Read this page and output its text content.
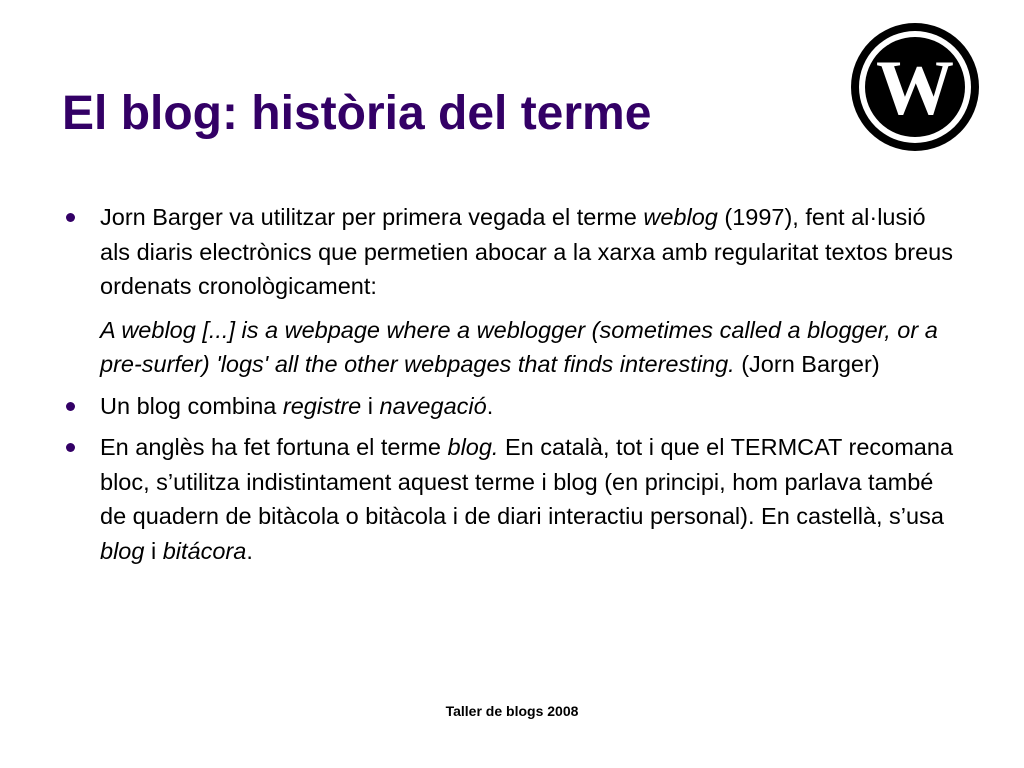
El blog: història del terme	W

Jorn Barger va utilitzar per primera vegada el terme weblog (1997), fent al·lusió als diaris electrònics que permetien abocar a la xarxa amb regularitat textos breus ordenats cronològicament:

A weblog [...] is a webpage where a weblogger (sometimes called a blogger, or a pre-surfer) 'logs' all the other webpages that finds interesting. (Jorn Barger)

Un blog combina registre i navegació.

En anglès ha fet fortuna el terme blog. En català, tot i que el TERMCAT recomana bloc, s’utilitza indistintament aquest terme i blog (en principi, hom parlava també de quadern de bitàcola o bitàcola i de diari interactiu personal). En castellà, s’usa blog i bitácora.

Taller de blogs 2008
